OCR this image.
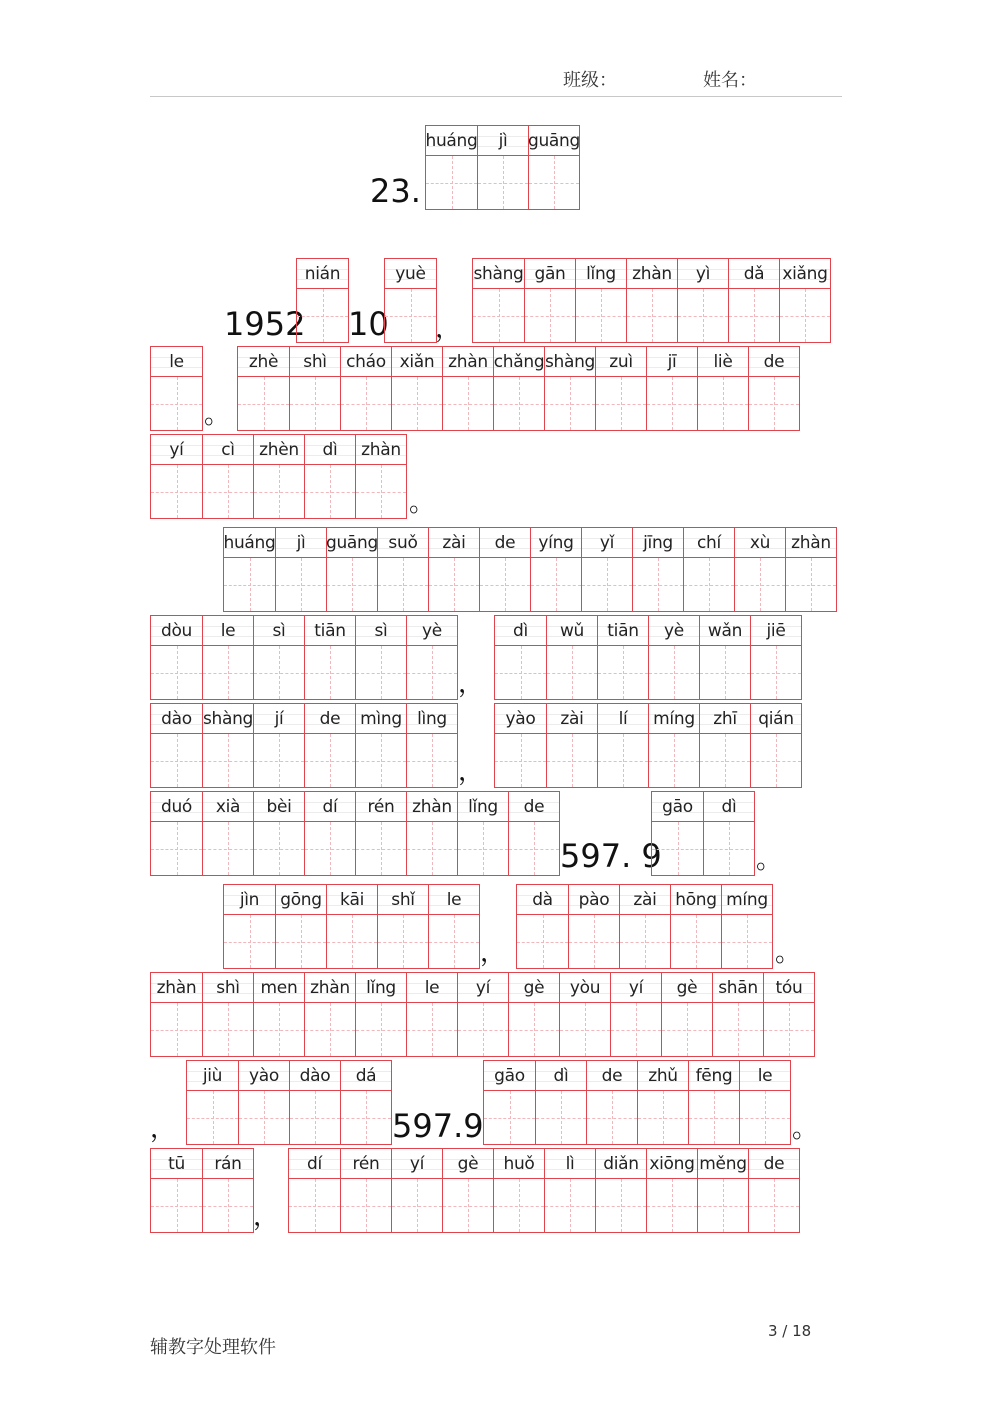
班级：	姓名：
23.
huáng	jì	guāng
1952
nián
10
yuè
，
shàng gān	lǐng zhàn	yì	dǎ	xiǎng
le
。
zhè	shì	cháo xiǎn zhàn chǎng shàng zuì	jī	liè	de
yí	cì	zhèn	dì	zhàn
。
huáng	jì	guāng suǒ	zài	de	yíng	yǐ	jīng	chí	xù	zhàn
dòu	le	sì	tiān	sì	yè
，
dì	wǔ	tiān	yè	wǎn	jiē
dào shàng	jí	de	mìng lìng
，
yào	zài	lí	míng	zhī	qián
duó	xià	bèi	dí	rén	zhàn lǐng	de
597. 9
gāo	dì
。
jìn	gōng	kāi	shǐ	le
，
dà	pào	zài	hōng míng
。
zhàn	shì	men zhàn lǐng	le	yí	gè	yòu	yí	gè	shān	tóu
，
jiù	yào	dào	dá
597.9
gāo	dì	de	zhǔ	fēng	le
。
tū	rán
，
dí	rén	yí	gè	huǒ	lì	diǎn xiōng měng de
辅教字处理软件
3 / 18
